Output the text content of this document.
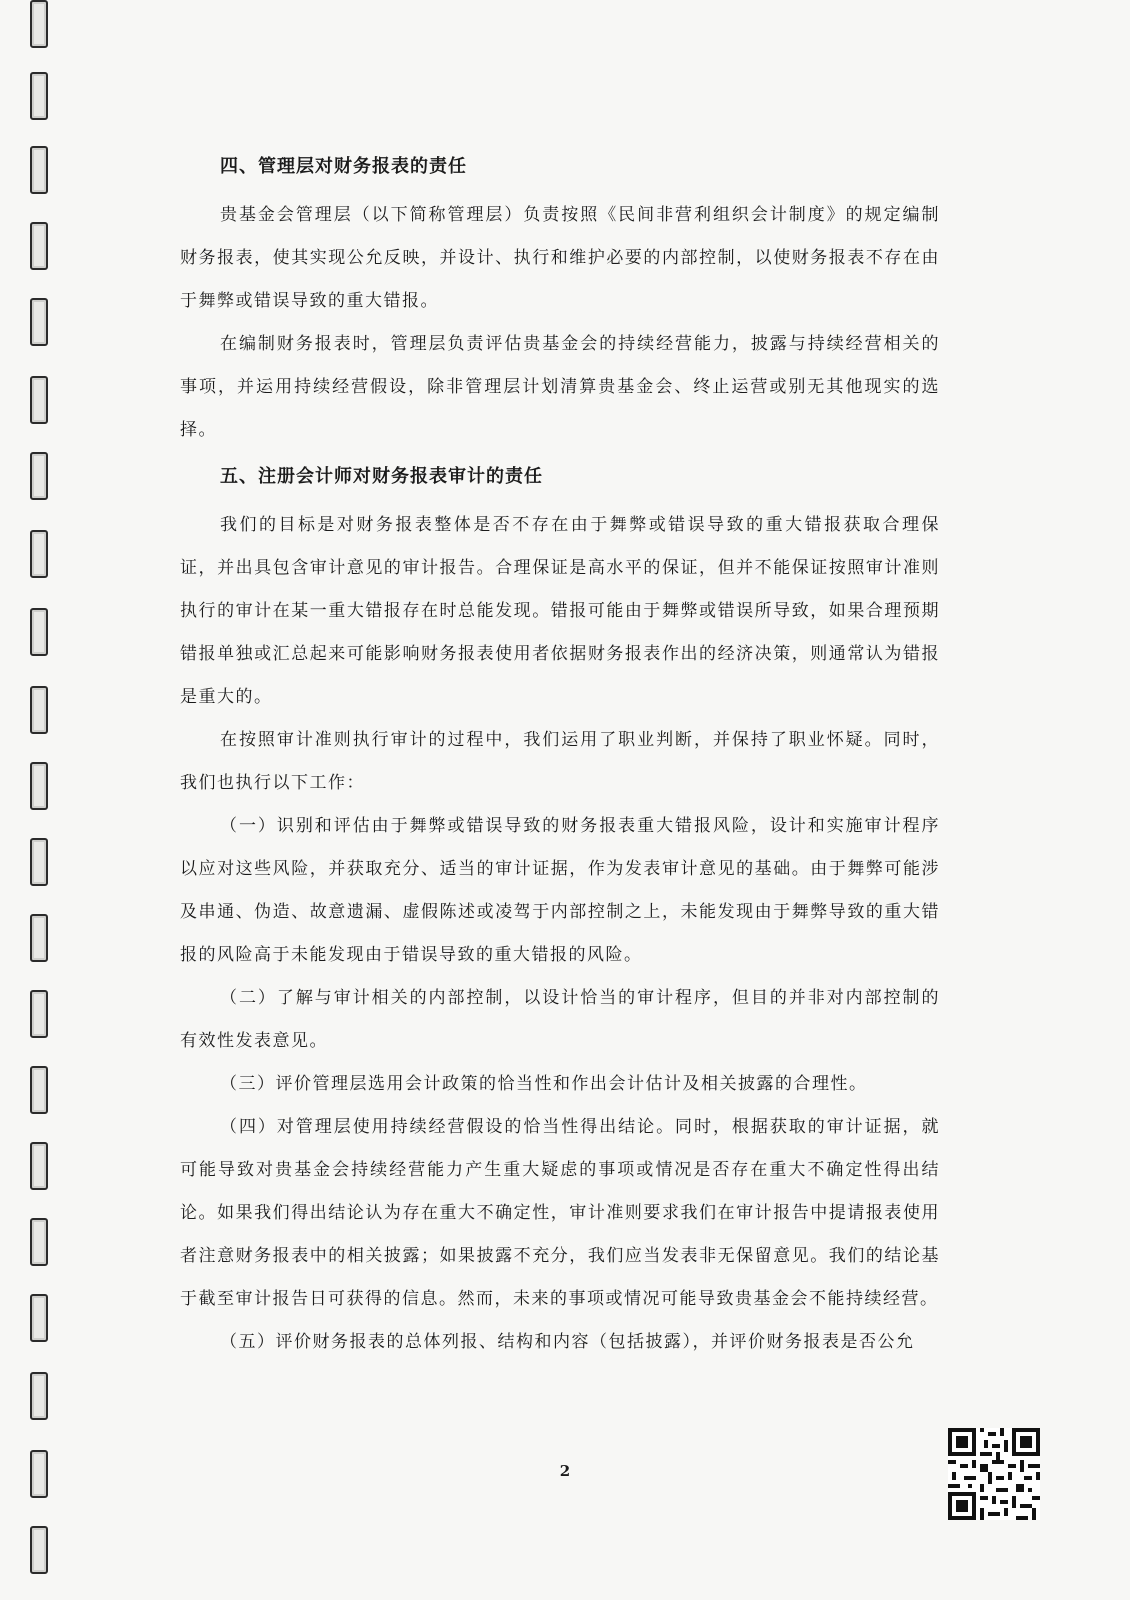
四、管理层对财务报表的责任

贵基金会管理层（以下简称管理层）负责按照《民间非营利组织会计制度》的规定编制财务报表，使其实现公允反映，并设计、执行和维护必要的内部控制，以使财务报表不存在由于舞弊或错误导致的重大错报。

在编制财务报表时，管理层负责评估贵基金会的持续经营能力，披露与持续经营相关的事项，并运用持续经营假设，除非管理层计划清算贵基金会、终止运营或别无其他现实的选择。

五、注册会计师对财务报表审计的责任

我们的目标是对财务报表整体是否不存在由于舞弊或错误导致的重大错报获取合理保证，并出具包含审计意见的审计报告。合理保证是高水平的保证，但并不能保证按照审计准则执行的审计在某一重大错报存在时总能发现。错报可能由于舞弊或错误所导致，如果合理预期错报单独或汇总起来可能影响财务报表使用者依据财务报表作出的经济决策，则通常认为错报是重大的。

在按照审计准则执行审计的过程中，我们运用了职业判断，并保持了职业怀疑。同时，我们也执行以下工作：

（一）识别和评估由于舞弊或错误导致的财务报表重大错报风险，设计和实施审计程序以应对这些风险，并获取充分、适当的审计证据，作为发表审计意见的基础。由于舞弊可能涉及串通、伪造、故意遗漏、虚假陈述或凌驾于内部控制之上，未能发现由于舞弊导致的重大错报的风险高于未能发现由于错误导致的重大错报的风险。

（二）了解与审计相关的内部控制，以设计恰当的审计程序，但目的并非对内部控制的有效性发表意见。

（三）评价管理层选用会计政策的恰当性和作出会计估计及相关披露的合理性。

（四）对管理层使用持续经营假设的恰当性得出结论。同时，根据获取的审计证据，就可能导致对贵基金会持续经营能力产生重大疑虑的事项或情况是否存在重大不确定性得出结论。如果我们得出结论认为存在重大不确定性，审计准则要求我们在审计报告中提请报表使用者注意财务报表中的相关披露；如果披露不充分，我们应当发表非无保留意见。我们的结论基于截至审计报告日可获得的信息。然而，未来的事项或情况可能导致贵基金会不能持续经营。

（五）评价财务报表的总体列报、结构和内容（包括披露），并评价财务报表是否公允

2
